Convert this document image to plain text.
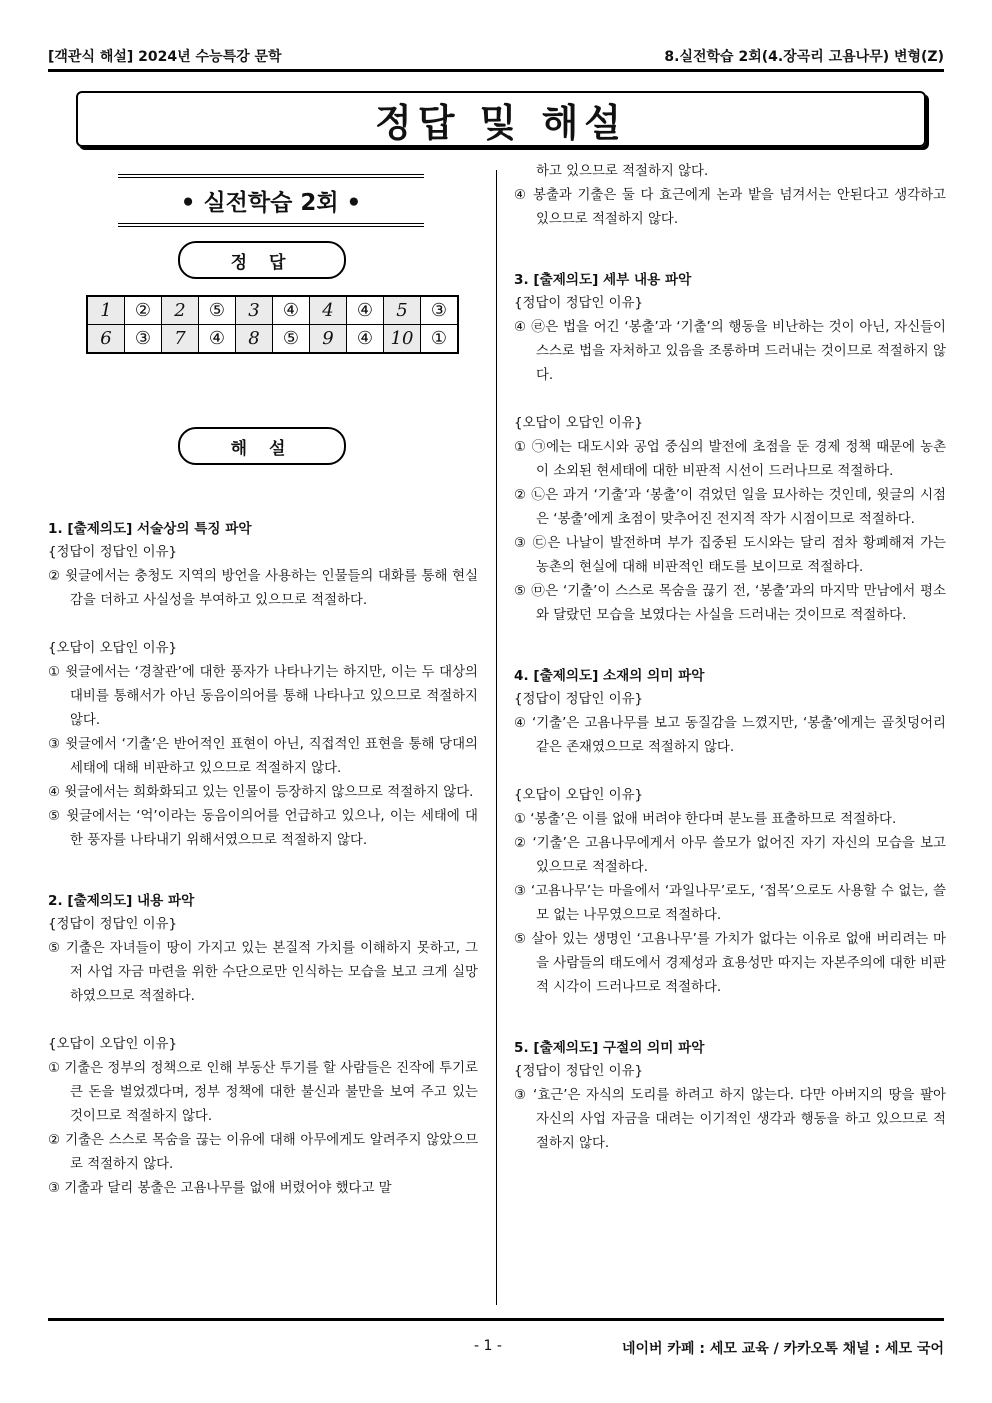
[객관식 해설] 2024년 수능특강 문학	8.실전학습 2회(4.장곡리 고욤나무) 변형(Z)
정답 및 해설
• 실전학습 2회 •
정 답
1	②	2	⑤	3	④	4	④	5	③
6	③	7	④	8	⑤	9	④	10	①
해 설

1. [출제의도] 서술상의 특징 파악

{정답이 정답인 이유}

② 윗글에서는 충청도 지역의 방언을 사용하는 인물들의 대화를 통해 현실감을 더하고 사실성을 부여하고 있으므로 적절하다.

{오답이 오답인 이유}

① 윗글에서는 ‘경찰관’에 대한 풍자가 나타나기는 하지만, 이는 두 대상의 대비를 통해서가 아닌 동음이의어를 통해 나타나고 있으므로 적절하지 않다.

③ 윗글에서 ‘기출’은 반어적인 표현이 아닌, 직접적인 표현을 통해 당대의 세태에 대해 비판하고 있으므로 적절하지 않다.

④ 윗글에서는 희화화되고 있는 인물이 등장하지 않으므로 적절하지 않다.

⑤ 윗글에서는 ‘억’이라는 동음이의어를 언급하고 있으나, 이는 세태에 대한 풍자를 나타내기 위해서였으므로 적절하지 않다.

2. [출제의도] 내용 파악

{정답이 정답인 이유}

⑤ 기출은 자녀들이 땅이 가지고 있는 본질적 가치를 이해하지 못하고, 그저 사업 자금 마련을 위한 수단으로만 인식하는 모습을 보고 크게 실망하였으므로 적절하다.

{오답이 오답인 이유}

① 기출은 정부의 정책으로 인해 부동산 투기를 할 사람들은 진작에 투기로 큰 돈을 벌었겠다며, 정부 정책에 대한 불신과 불만을 보여 주고 있는 것이므로 적절하지 않다.

② 기출은 스스로 목숨을 끊는 이유에 대해 아무에게도 알려주지 않았으므로 적절하지 않다.

③ 기출과 달리 봉출은 고욤나무를 없애 버렸어야 했다고 말

하고 있으므로 적절하지 않다.

④ 봉출과 기출은 둘 다 효근에게 논과 밭을 넘겨서는 안된다고 생각하고 있으므로 적절하지 않다.

3. [출제의도] 세부 내용 파악

{정답이 정답인 이유}

④ ㉣은 법을 어긴 ‘봉출’과 ‘기출’의 행동을 비난하는 것이 아닌, 자신들이 스스로 법을 자처하고 있음을 조롱하며 드러내는 것이므로 적절하지 않다.

{오답이 오답인 이유}

① ㉠에는 대도시와 공업 중심의 발전에 초점을 둔 경제 정책 때문에 농촌이 소외된 현세태에 대한 비판적 시선이 드러나므로 적절하다.

② ㉡은 과거 ‘기출’과 ‘봉출’이 겪었던 일을 묘사하는 것인데, 윗글의 시점은 ‘봉출’에게 초점이 맞추어진 전지적 작가 시점이므로 적절하다.

③ ㉢은 나날이 발전하며 부가 집중된 도시와는 달리 점차 황폐해져 가는 농촌의 현실에 대해 비판적인 태도를 보이므로 적절하다.

⑤ ㉤은 ‘기출’이 스스로 목숨을 끊기 전, ‘봉출’과의 마지막 만남에서 평소와 달랐던 모습을 보였다는 사실을 드러내는 것이므로 적절하다.

4. [출제의도] 소재의 의미 파악

{정답이 정답인 이유}

④ ‘기출’은 고욤나무를 보고 동질감을 느꼈지만, ‘봉출’에게는 골칫덩어리 같은 존재였으므로 적절하지 않다.

{오답이 오답인 이유}

① ‘봉출’은 이를 없애 버려야 한다며 분노를 표출하므로 적절하다.

② ‘기출’은 고욤나무에게서 아무 쓸모가 없어진 자기 자신의 모습을 보고 있으므로 적절하다.

③ ‘고욤나무’는 마을에서 ‘과일나무’로도, ‘접목’으로도 사용할 수 없는, 쓸모 없는 나무였으므로 적절하다.

⑤ 살아 있는 생명인 ‘고욤나무’를 가치가 없다는 이유로 없애 버리려는 마을 사람들의 태도에서 경제성과 효용성만 따지는 자본주의에 대한 비판적 시각이 드러나므로 적절하다.

5. [출제의도] 구절의 의미 파악

{정답이 정답인 이유}

③ ‘효근’은 자식의 도리를 하려고 하지 않는다. 다만 아버지의 땅을 팔아 자신의 사업 자금을 대려는 이기적인 생각과 행동을 하고 있으므로 적절하지 않다.

- 1 -	네이버 카페 : 세모 교육 / 카카오톡 채널 : 세모 국어
